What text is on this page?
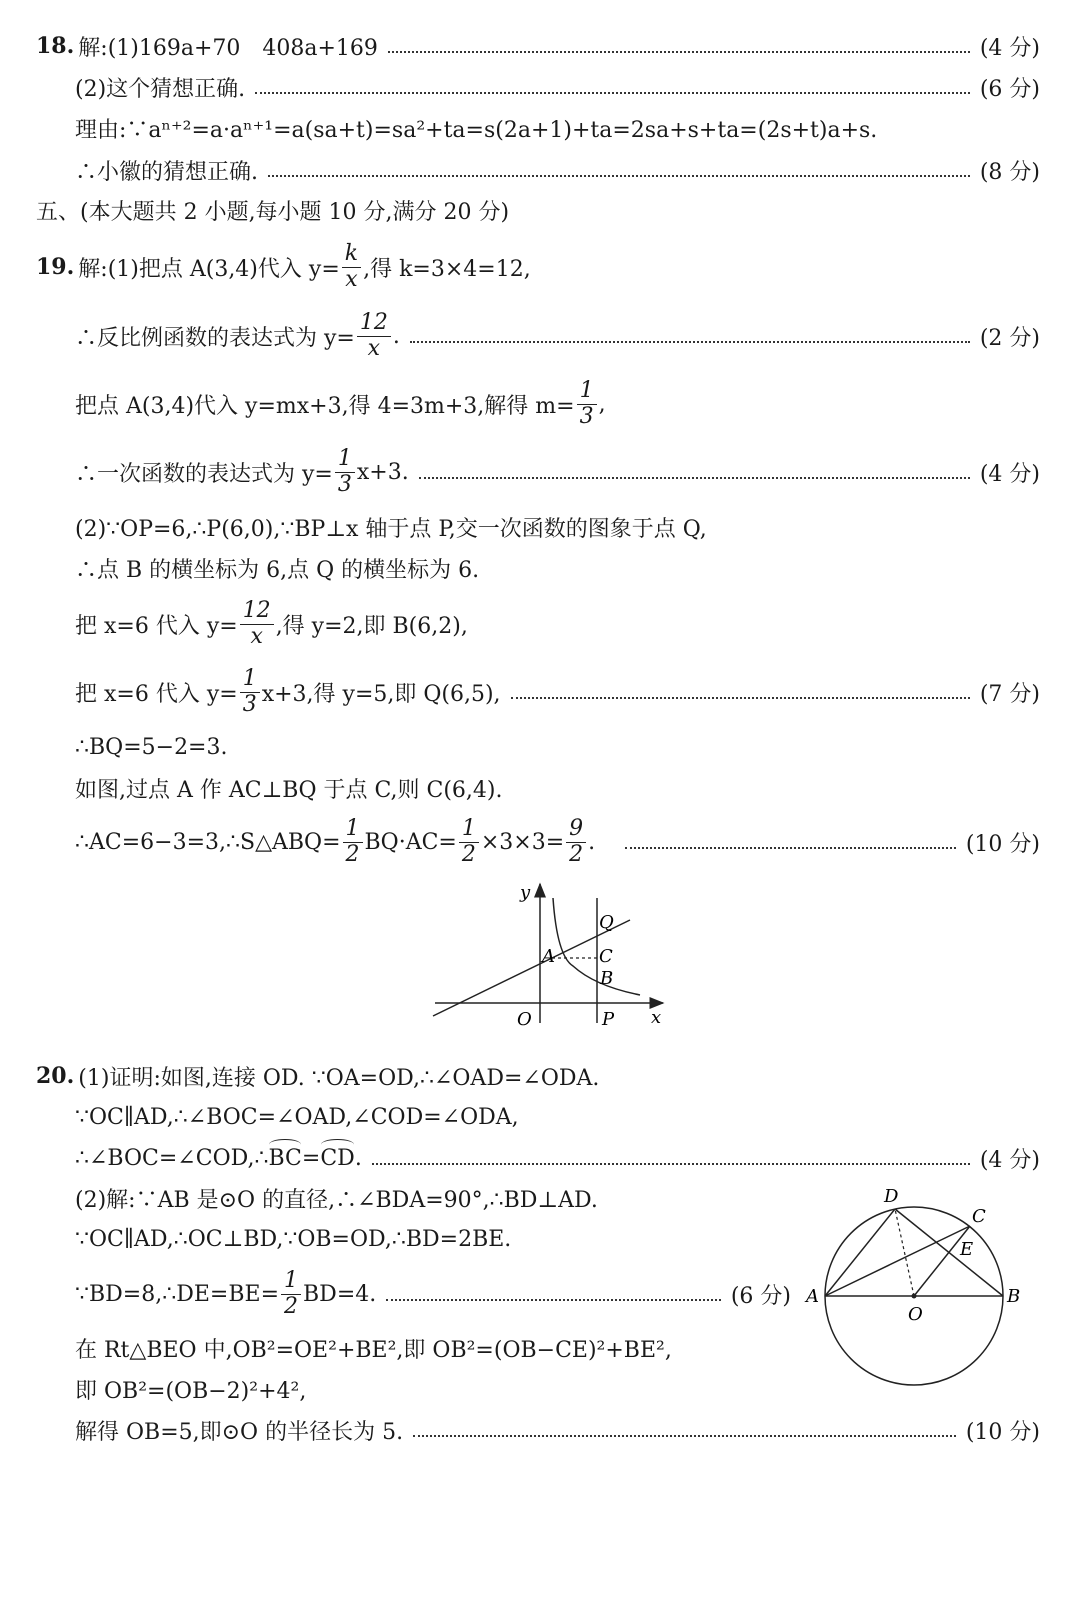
18. 解:(1)169a+70　408a+169	(4 分)
(2)这个猜想正确.	(6 分)
理由:∵aⁿ⁺²=a·aⁿ⁺¹=a(sa+t)=sa²+ta=s(2a+1)+ta=2sa+s+ta=(2s+t)a+s.
∴小徽的猜想正确.	(8 分)
五、(本大题共 2 小题,每小题 10 分,满分 20 分)
19. 解:(1)把点 A(3,4)代入 $y= \frac{k}{x}$ ,得 k=3×4=12,
∴反比例函数的表达式为 $y= \frac{12}{x}$ .	(2 分)
把点 A(3,4)代入 y=mx+3,得 4=3m+3,解得 $m= \frac{1}{3}$ ,
∴一次函数的表达式为 $y= \frac{1}{3} x+3$.	(4 分)
(2)∵OP=6,∴P(6,0),∵BP⊥x 轴于点 P,交一次函数的图象于点 Q,
∴点 B 的横坐标为 6,点 Q 的横坐标为 6.
把 x=6 代入 $y= \frac{12}{x}$ ,得 y=2,即 B(6,2),
把 x=6 代入 $y= \frac{1}{3} x+3$,得 y=5,即 Q(6,5),	(7 分)
∴BQ=5−2=3.
如图,过点 A 作 AC⊥BQ 于点 C,则 C(6,4).
∴AC=6−3=3,∴S△ABQ= $\frac{1}{2} BQ\cdot AC= \frac{1}{2} \times 3\times 3= \frac{9}{2}$ .	(10 分)
y
x
O	P
Q
A C
B
20. (1)证明:如图,连接 OD. ∵OA=OD,∴∠OAD=∠ODA.
∵OC∥AD,∴∠BOC=∠OAD,∠COD=∠ODA,
∴∠BOC=∠COD,∴ BC = CD .	(4 分)
(2)解:∵AB 是⊙O 的直径,∴∠BDA=90°,∴BD⊥AD.
∵OC∥AD,∴OC⊥BD,∵OB=OD,∴BD=2BE.
∵BD=8,∴DE=BE= $\frac{1}{2} BD=4$.	(6 分)
在 Rt△BEO 中,OB²=OE²+BE²,即 OB²=(OB−CE)²+BE²,
即 OB²=(OB−2)²+4²,
解得 OB=5,即⊙O 的半径长为 5.	(10 分)
D
C
E
A
O
B
